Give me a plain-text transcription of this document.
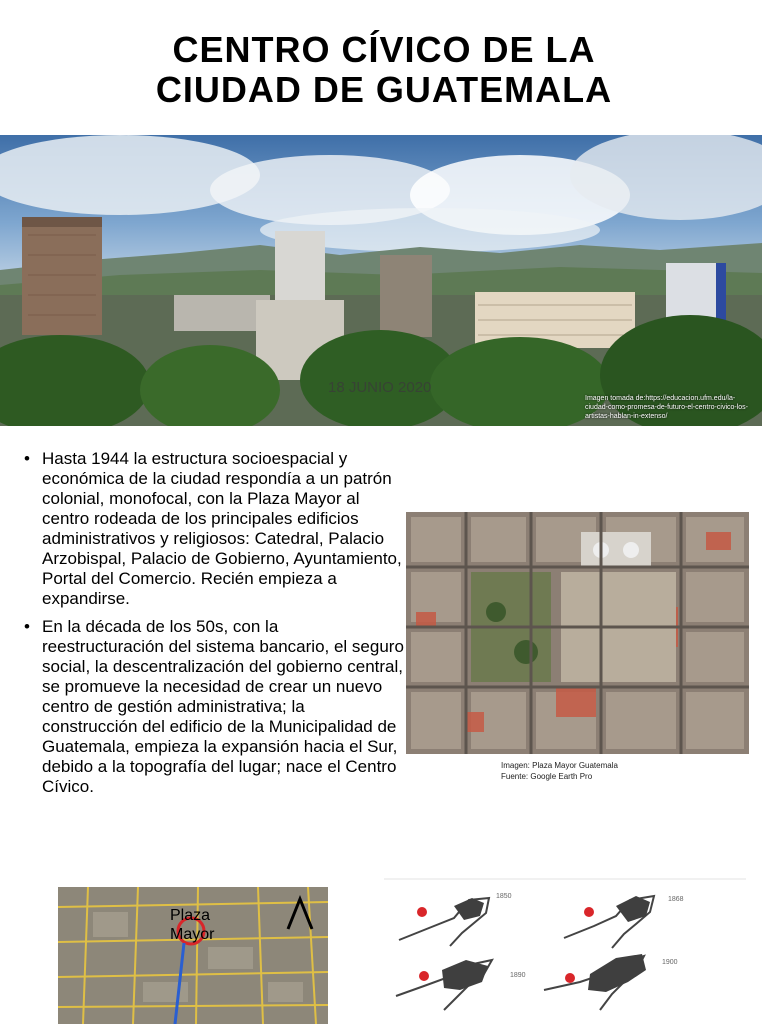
CENTRO CÍVICO DE LA
CIUDAD DE GUATEMALA
18 JUNIO 2020
Imagen tomada de:https://educacion.ufm.edu/la-ciudad-como-promesa-de-futuro-el-centro-civico-los-artistas-hablan-in-extenso/
• Hasta 1944 la estructura socioespacial y económica de la ciudad respondía a un patrón colonial, monofocal, con la Plaza Mayor al centro rodeada de los principales edificios administrativos y religiosos: Catedral, Palacio Arzobispal, Palacio de Gobierno, Ayuntamiento, Portal del Comercio. Recién empieza a expandirse.
• En la década de los 50s, con la reestructuración del sistema bancario, el seguro social, la descentralización del gobierno central, se promueve la necesidad de crear un nuevo centro de gestión administrativa; la construcción del edificio de la Municipalidad de Guatemala, empieza la expansión hacia el Sur, debido a la topografía del lugar; nace el Centro Cívico.
Imagen: Plaza Mayor Guatemala
Fuente: Google Earth Pro
Plaza
Mayor
1850	1868
1890
1900
